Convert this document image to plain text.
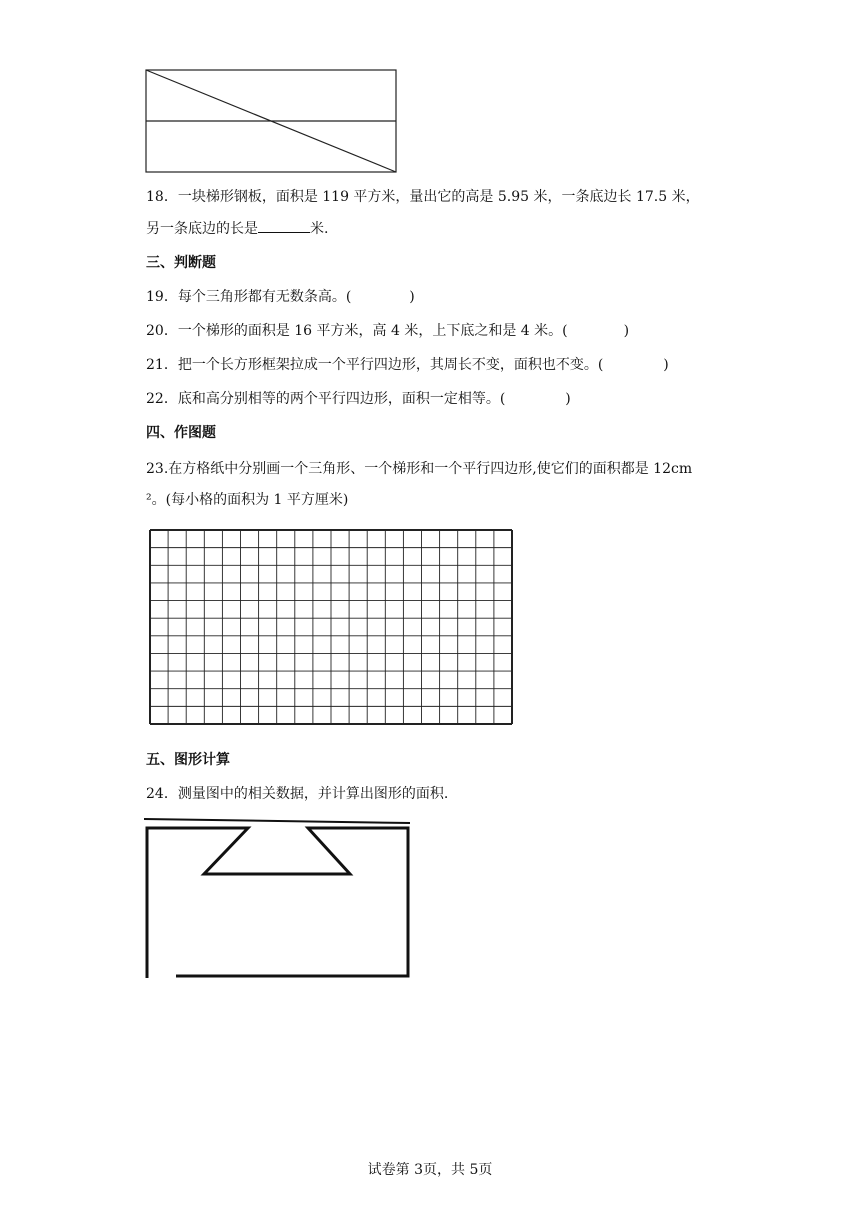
18．一块梯形钢板，面积是 119 平方米，量出它的高是 5.95 米，一条底边长 17.5 米，
另一条底边的长是	米.
三、判断题
19．每个三角形都有无数条高。(	)
20．一个梯形的面积是 16 平方米，高 4 米，上下底之和是 4 米。(	)
21．把一个长方形框架拉成一个平行四边形，其周长不变，面积也不变。(	)
22．底和高分别相等的两个平行四边形，面积一定相等。(	)
四、作图题
23.在方格纸中分别画一个三角形、一个梯形和一个平行四边形,使它们的面积都是 12cm
²。(每小格的面积为 1 平方厘米)
五、图形计算
24．测量图中的相关数据，并计算出图形的面积.
试卷第 3页，共 5页
